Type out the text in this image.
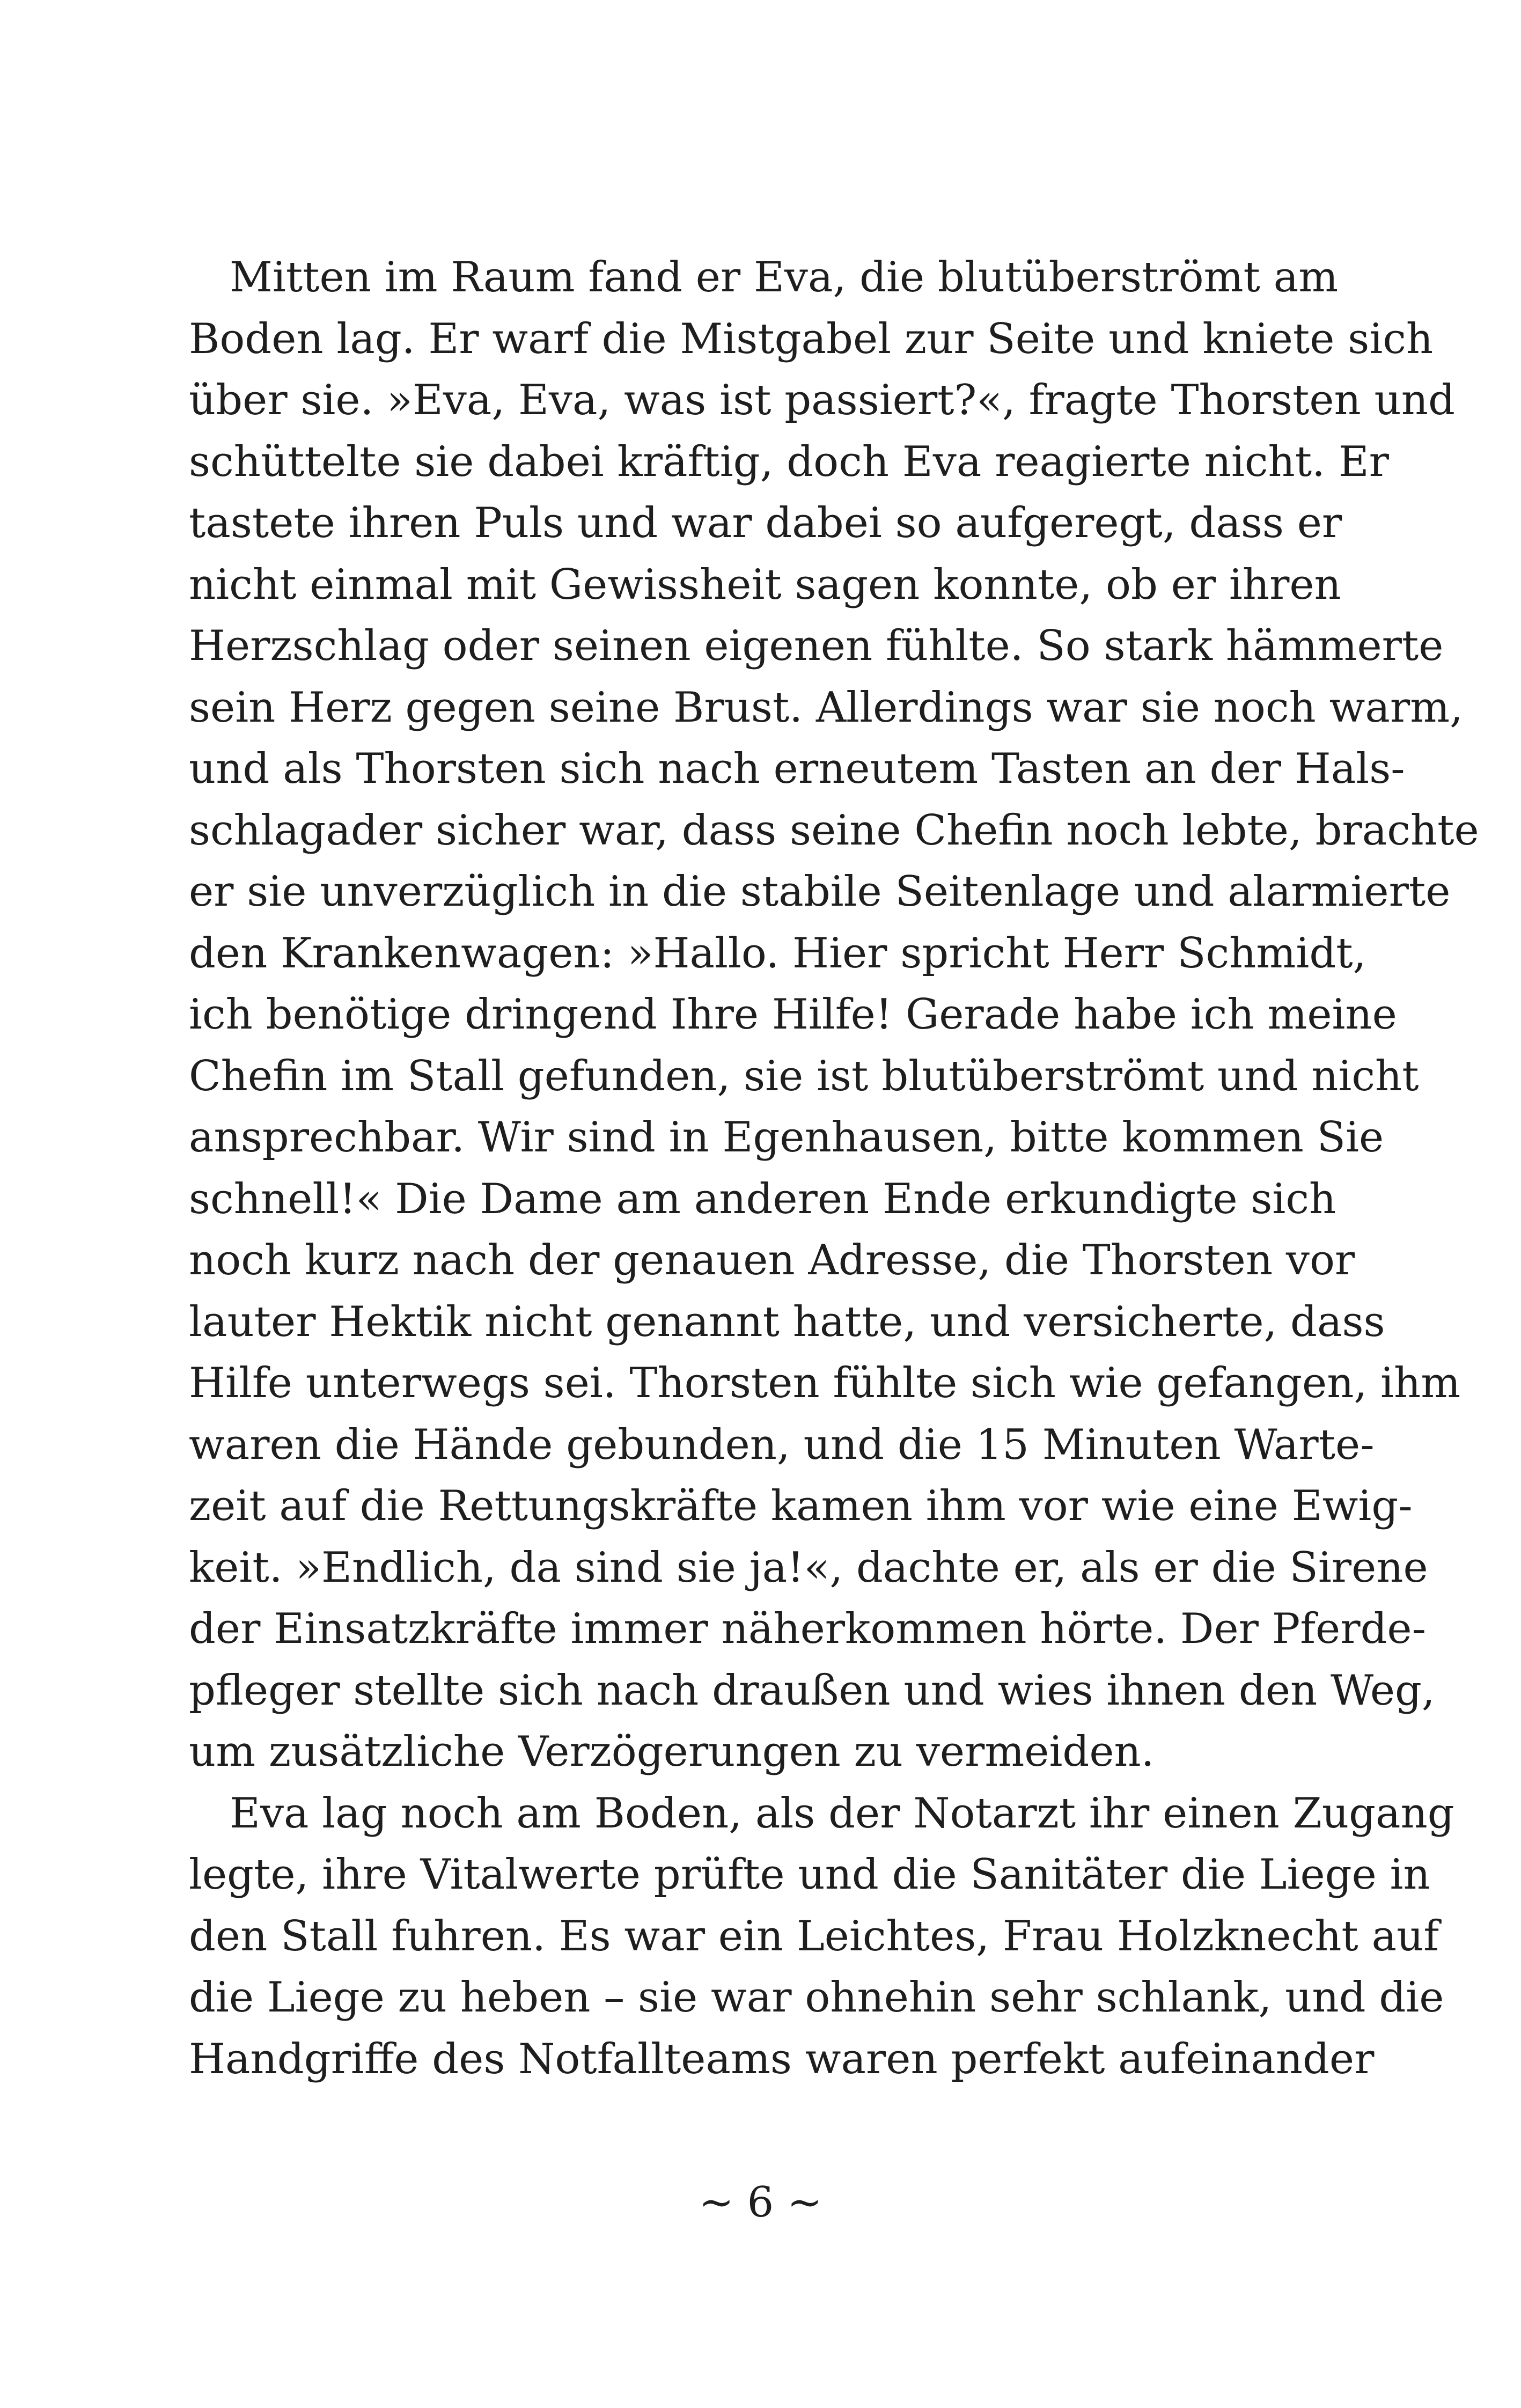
Mitten im Raum fand er Eva, die blutüberströmt am
Boden lag. Er warf die Mistgabel zur Seite und kniete sich
über sie. »Eva, Eva, was ist passiert?«, fragte Thorsten und
schüttelte sie dabei kräftig, doch Eva reagierte nicht. Er
tastete ihren Puls und war dabei so aufgeregt, dass er
nicht einmal mit Gewissheit sagen konnte, ob er ihren
Herzschlag oder seinen eigenen fühlte. So stark hämmerte
sein Herz gegen seine Brust. Allerdings war sie noch warm,
und als Thorsten sich nach erneutem Tasten an der Hals-
schlagader sicher war, dass seine Chefin noch lebte, brachte
er sie unverzüglich in die stabile Seitenlage und alarmierte
den Krankenwagen: »Hallo. Hier spricht Herr Schmidt,
ich benötige dringend Ihre Hilfe! Gerade habe ich meine
Chefin im Stall gefunden, sie ist blutüberströmt und nicht
ansprechbar. Wir sind in Egenhausen, bitte kommen Sie
schnell!« Die Dame am anderen Ende erkundigte sich
noch kurz nach der genauen Adresse, die Thorsten vor
lauter Hektik nicht genannt hatte, und versicherte, dass
Hilfe unterwegs sei. Thorsten fühlte sich wie gefangen, ihm
waren die Hände gebunden, und die 15 Minuten Warte-
zeit auf die Rettungskräfte kamen ihm vor wie eine Ewig-
keit. »Endlich, da sind sie ja!«, dachte er, als er die Sirene
der Einsatzkräfte immer näherkommen hörte. Der Pferde-
pfleger stellte sich nach draußen und wies ihnen den Weg,
um zusätzliche Verzögerungen zu vermeiden.
Eva lag noch am Boden, als der Notarzt ihr einen Zugang
legte, ihre Vitalwerte prüfte und die Sanitäter die Liege in
den Stall fuhren. Es war ein Leichtes, Frau Holzknecht auf
die Liege zu heben – sie war ohnehin sehr schlank, und die
Handgriffe des Notfallteams waren perfekt aufeinander
~ 6 ~
